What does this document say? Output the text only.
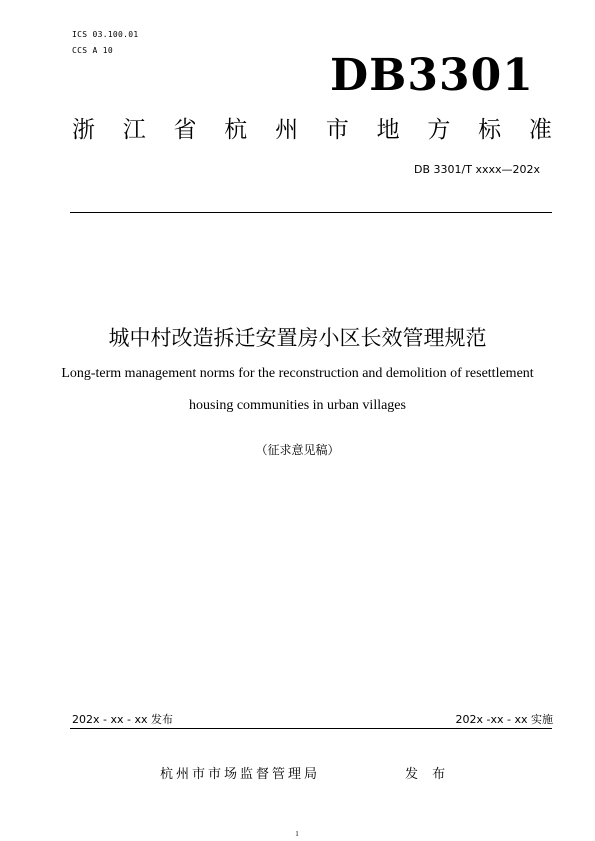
ICS 03.100.01
CCS A 10	DB3301
浙 江 省 杭 州 市 地 方 标 准
DB 3301/T xxxx—202x
城中村改造拆迁安置房小区长效管理规范
Long-term management norms for the reconstruction and demolition of resettlement
housing communities in urban villages
（征求意见稿）
202x - xx - xx 发布	202x -xx - xx 实施
杭州市市场监督管理局	发 布
1
